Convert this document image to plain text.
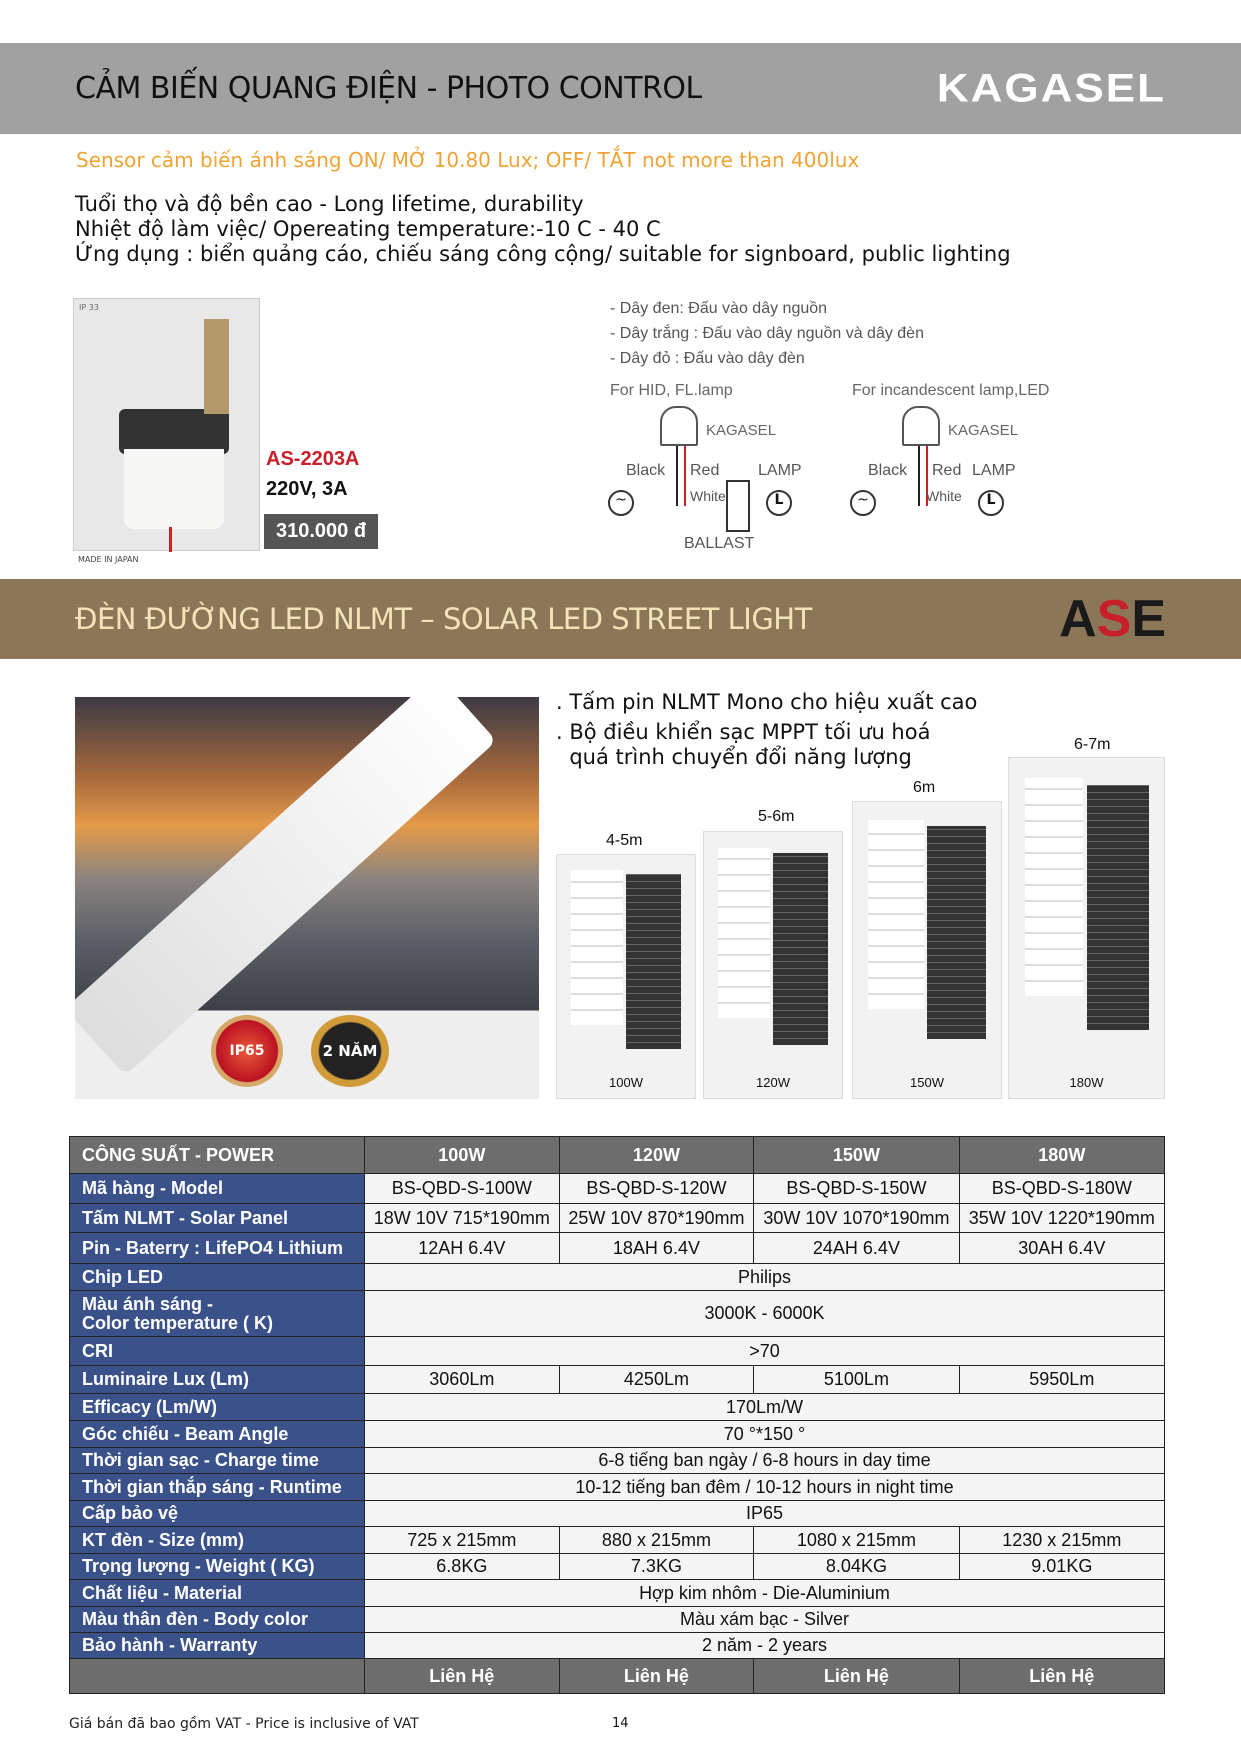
CẢM BIẾN QUANG ĐIỆN - PHOTO CONTROL	KAGASEL
Sensor cảm biến ánh sáng ON/ MỞ 10.80 Lux; OFF/ TẮT not more than 400lux
Tuổi thọ và độ bền cao - Long lifetime, durability
Nhiệt độ làm việc/ Opereating temperature:-10 C - 40 C
Ứng dụng : biển quảng cáo, chiếu sáng công cộng/ suitable for signboard, public lighting
IP 33
MADE IN JAPAN
AS-2203A
220V, 3A
310.000 đ
- Dây đen: Đấu vào dây nguồn
- Dây trắng : Đấu vào dây nguồn và dây đèn
- Dây đỏ : Đấu vào dây đèn
For HID, FL.lamp
KAGASEL
Black Red
White
LAMP
~	L
BALLAST
For incandescent lamp,LED
KAGASEL
Black Red LAMP
White
~	L
ĐÈN ĐƯỜNG LED NLMT – SOLAR LED STREET LIGHT	ASE
IP65	2 NĂM
. Tấm pin NLMT Mono cho hiệu xuất cao
. Bộ điều khiển sạc MPPT tối ưu hoá
quá trình chuyển đổi năng lượng
4-5m
100W
5-6m
120W
6m
150W
6-7m
180W
CÔNG SUẤT - POWER	100W	120W	150W	180W
Mã hàng - Model	BS-QBD-S-100W	BS-QBD-S-120W	BS-QBD-S-150W	BS-QBD-S-180W
Tấm NLMT - Solar Panel	18W 10V 715*190mm	25W 10V 870*190mm	30W 10V 1070*190mm	35W 10V 1220*190mm
Pin - Baterry : LifePO4 Lithium	12AH 6.4V	18AH 6.4V	24AH 6.4V	30AH 6.4V
Chip LED	Philips			
Màu ánh sáng -
Color temperature ( K)	3000K - 6000K			
CRI	>70			
Luminaire Lux (Lm)	3060Lm	4250Lm	5100Lm	5950Lm
Efficacy (Lm/W)	170Lm/W			
Góc chiếu - Beam Angle	70 °*150 °			
Thời gian sạc - Charge time	6-8 tiếng ban ngày / 6-8 hours in day time			
Thời gian thắp sáng - Runtime	10-12 tiếng ban đêm / 10-12 hours in night time			
Cấp bảo vệ	IP65			
KT đèn - Size (mm)	725 x 215mm	880 x 215mm	1080 x 215mm	1230 x 215mm
Trọng lượng - Weight ( KG)	6.8KG	7.3KG	8.04KG	9.01KG
Chất liệu - Material	Hợp kim nhôm - Die-Aluminium			
Màu thân đèn - Body color	Màu xám bạc - Silver			
Bảo hành - Warranty	2 năm - 2 years			
	Liên Hệ	Liên Hệ	Liên Hệ	Liên Hệ
Giá bán đã bao gồm VAT - Price is inclusive of VAT	14
